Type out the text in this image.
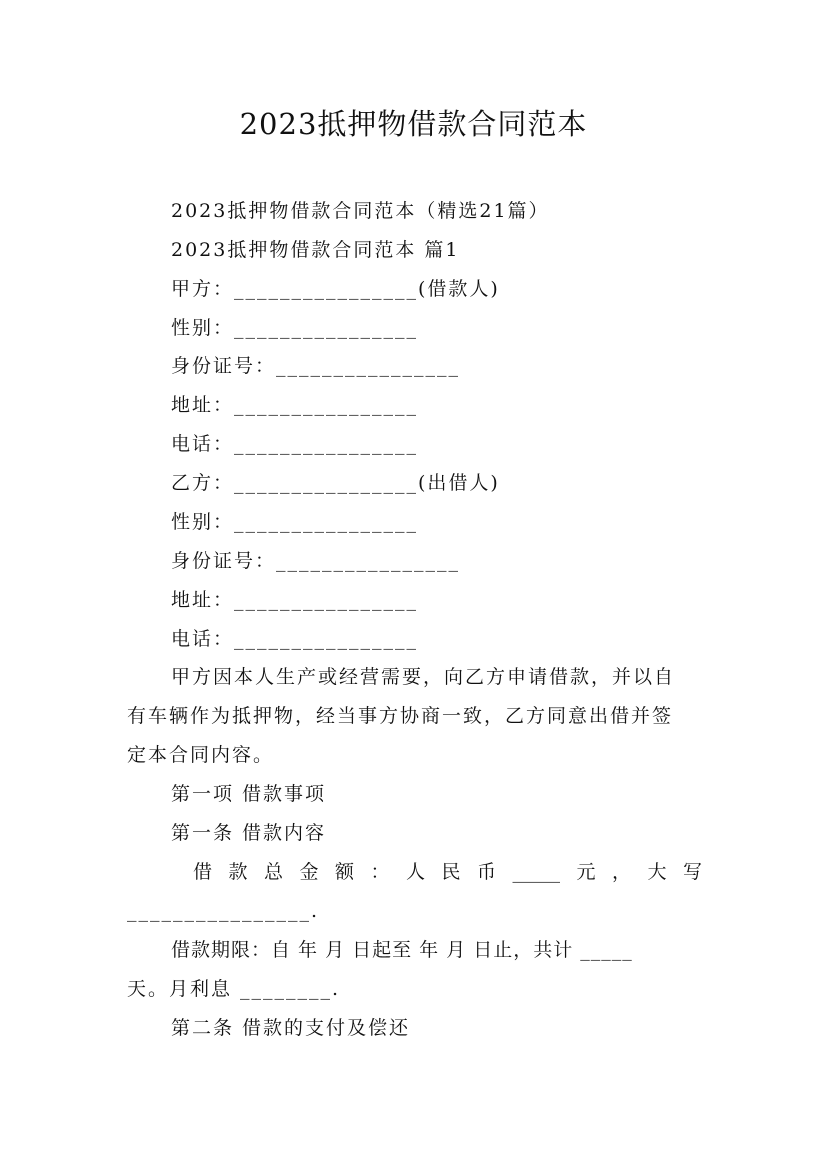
2023抵押物借款合同范本
2023抵押物借款合同范本（精选21篇）
2023抵押物借款合同范本 篇1
甲方：________________(借款人)
性别：________________
身份证号：________________
地址：________________
电话：________________
乙方：________________(出借人)
性别：________________
身份证号：________________
地址：________________
电话：________________
甲方因本人生产或经营需要，向乙方申请借款，并以自
有车辆作为抵押物，经当事方协商一致，乙方同意出借并签
定本合同内容。
第一项 借款事项
第一条 借款内容
借 款 总 金 额 ： 人 民 币 _____ 元 ， 大 写
________________.
借款期限：自 年 月 日起至 年 月 日止，共计 _____
天。月利息 ________.
第二条 借款的支付及偿还
